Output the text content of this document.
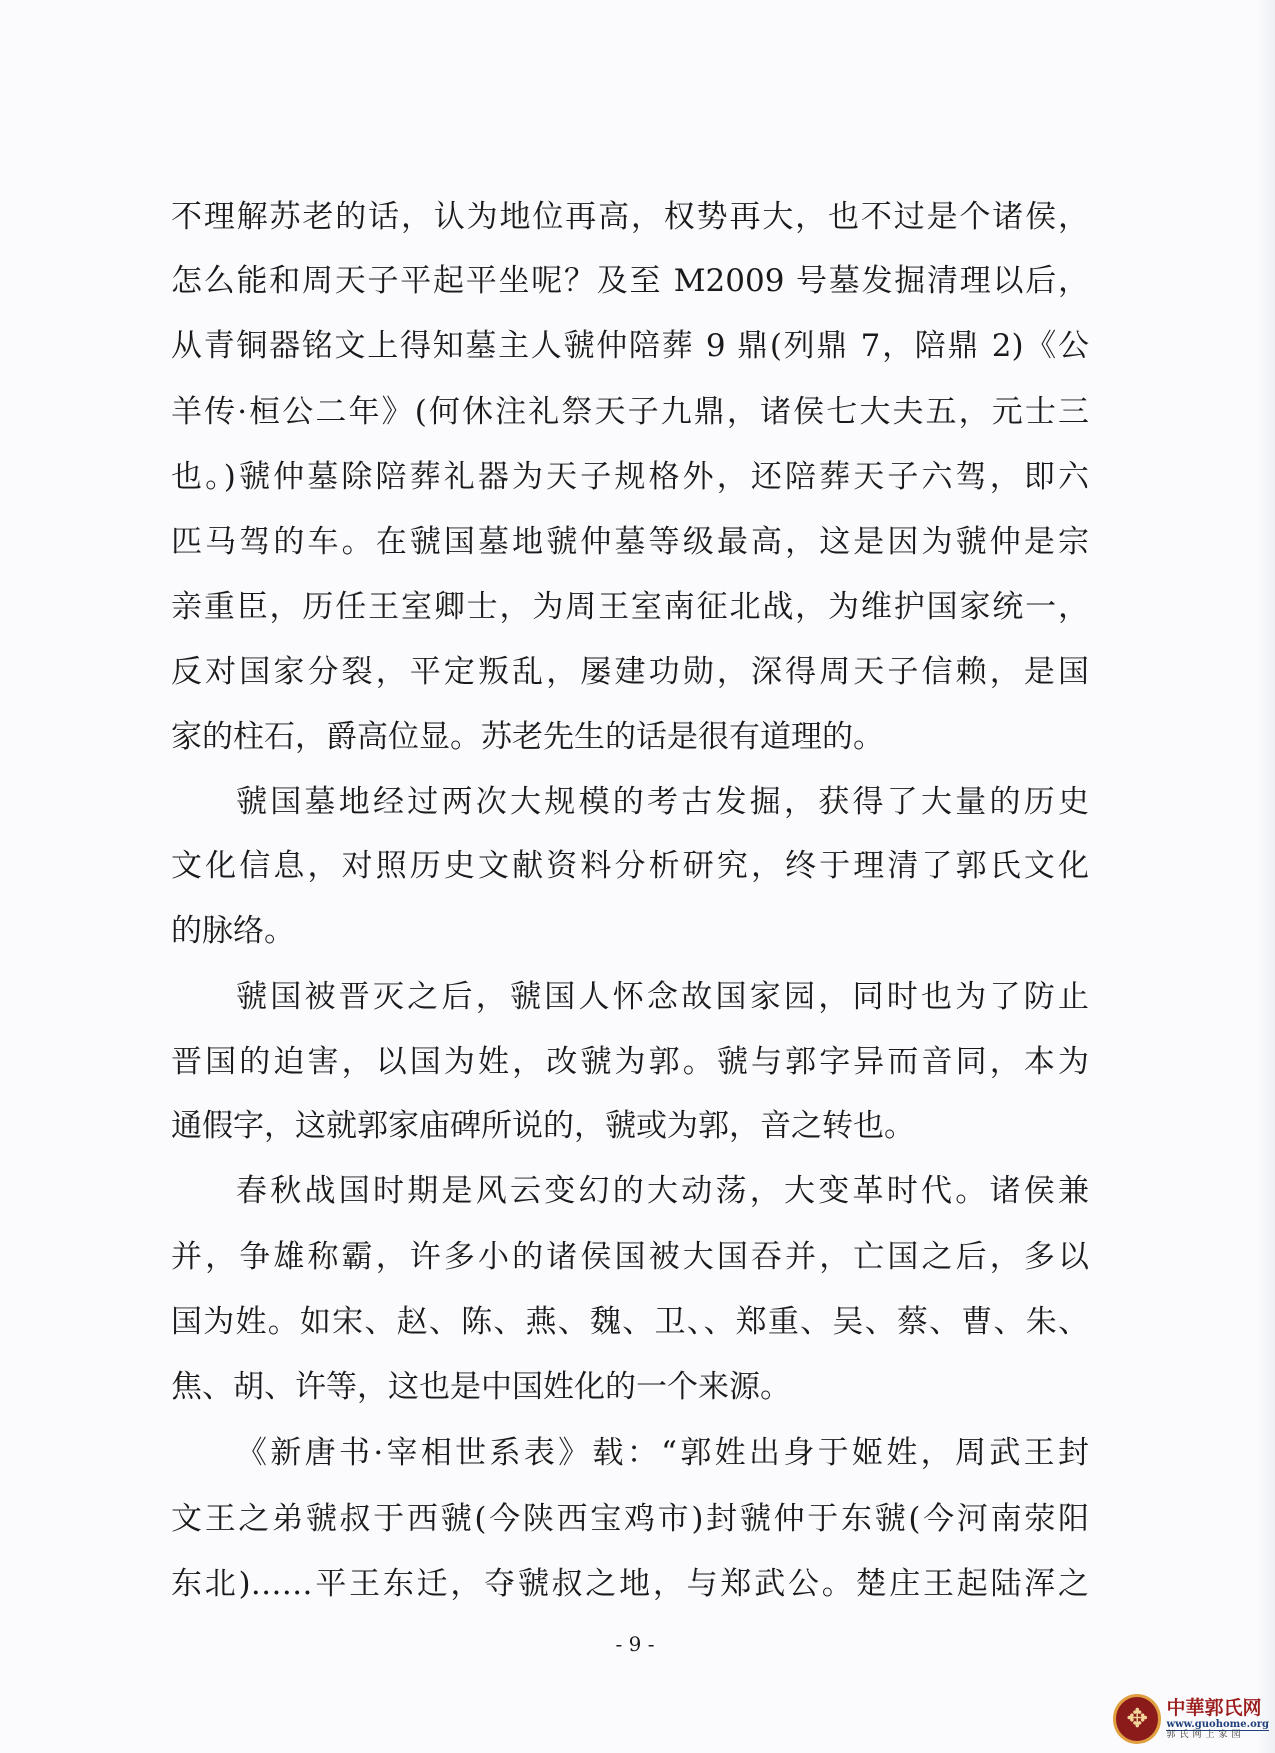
不理解苏老的话，认为地位再高，权势再大，也不过是个诸侯，
怎么能和周天子平起平坐呢？及至 M2009 号墓发掘清理以后，
从青铜器铭文上得知墓主人虢仲陪葬 9 鼎(列鼎 7，陪鼎 2)《公
羊传·桓公二年》(何休注礼祭天子九鼎，诸侯七大夫五，元士三
也。)虢仲墓除陪葬礼器为天子规格外，还陪葬天子六驾，即六
匹马驾的车。在虢国墓地虢仲墓等级最高，这是因为虢仲是宗
亲重臣，历任王室卿士，为周王室南征北战，为维护国家统一，
反对国家分裂，平定叛乱，屡建功勋，深得周天子信赖，是国
家的柱石，爵高位显。苏老先生的话是很有道理的。
虢国墓地经过两次大规模的考古发掘，获得了大量的历史
文化信息，对照历史文献资料分析研究，终于理清了郭氏文化
的脉络。
虢国被晋灭之后，虢国人怀念故国家园，同时也为了防止
晋国的迫害，以国为姓，改虢为郭。虢与郭字异而音同，本为
通假字，这就郭家庙碑所说的，虢或为郭，音之转也。
春秋战国时期是风云变幻的大动荡，大变革时代。诸侯兼
并，争雄称霸，许多小的诸侯国被大国吞并，亡国之后，多以
国为姓。如宋、赵、陈、燕、魏、卫、、郑重、吴、蔡、曹、朱、
焦、胡、许等，这也是中国姓化的一个来源。
《新唐书·宰相世系表》载：“郭姓出身于姬姓，周武王封
文王之弟虢叔于西虢(今陕西宝鸡市)封虢仲于东虢(今河南荥阳
东北)……平王东迁，夺虢叔之地，与郑武公。楚庄王起陆浑之
- 9 -
✥ 中華郭氏网
www.guohome.org
郭氏网上家园
